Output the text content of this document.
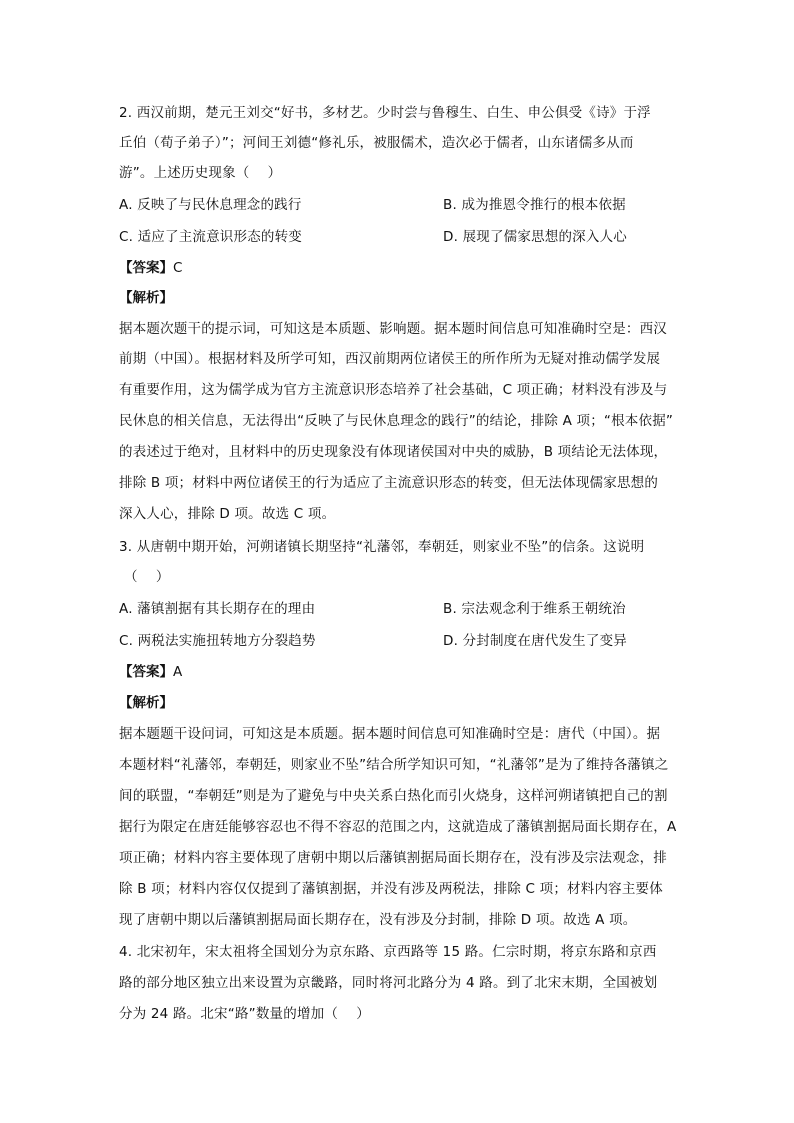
2. 西汉前期，楚元王刘交“好书，多材艺。少时尝与鲁穆生、白生、申公俱受《诗》于浮
丘伯（荀子弟子）”；河间王刘德“修礼乐，被服儒术，造次必于儒者，山东诸儒多从而
游”。上述历史现象（　 ）
A. 反映了与民休息理念的践行	B. 成为推恩令推行的根本依据
C. 适应了主流意识形态的转变	D. 展现了儒家思想的深入人心
【答案】C
【解析】
据本题次题干的提示词，可知这是本质题、影响题。据本题时间信息可知准确时空是：西汉
前期（中国）。根据材料及所学可知，西汉前期两位诸侯王的所作所为无疑对推动儒学发展
有重要作用，这为儒学成为官方主流意识形态培养了社会基础，C 项正确；材料没有涉及与
民休息的相关信息，无法得出“反映了与民休息理念的践行”的结论，排除 A 项；“根本依据”
的表述过于绝对，且材料中的历史现象没有体现诸侯国对中央的威胁，B 项结论无法体现，
排除 B 项；材料中两位诸侯王的行为适应了主流意识形态的转变，但无法体现儒家思想的
深入人心，排除 D 项。故选 C 项。
3. 从唐朝中期开始，河朔诸镇长期坚持“礼藩邻，奉朝廷，则家业不坠”的信条。这说明
（　 ）
A. 藩镇割据有其长期存在的理由	B. 宗法观念利于维系王朝统治
C. 两税法实施扭转地方分裂趋势	D. 分封制度在唐代发生了变异
【答案】A
【解析】
据本题题干设问词，可知这是本质题。据本题时间信息可知准确时空是：唐代（中国）。据
本题材料“礼藩邻，奉朝廷，则家业不坠”结合所学知识可知，“礼藩邻”是为了维持各藩镇之
间的联盟，“奉朝廷”则是为了避免与中央关系白热化而引火烧身，这样河朔诸镇把自己的割
据行为限定在唐廷能够容忍也不得不容忍的范围之内，这就造成了藩镇割据局面长期存在，A
项正确；材料内容主要体现了唐朝中期以后藩镇割据局面长期存在，没有涉及宗法观念，排
除 B 项；材料内容仅仅提到了藩镇割据，并没有涉及两税法，排除 C 项；材料内容主要体
现了唐朝中期以后藩镇割据局面长期存在，没有涉及分封制，排除 D 项。故选 A 项。
4. 北宋初年，宋太祖将全国划分为京东路、京西路等 15 路。仁宗时期，将京东路和京西
路的部分地区独立出来设置为京畿路，同时将河北路分为 4 路。到了北宋末期，全国被划
分为 24 路。北宋“路”数量的增加（　 ）
